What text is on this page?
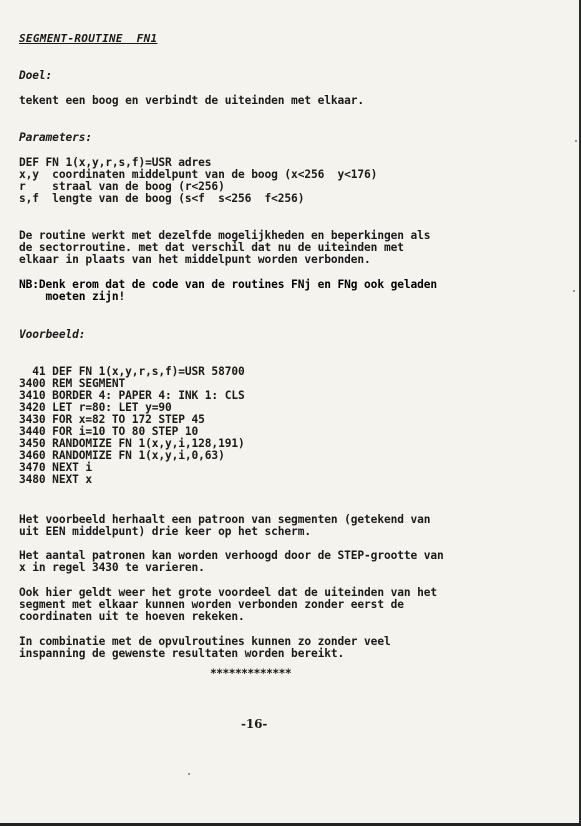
SEGMENT-ROUTINE  FN1
Doel:
tekent een boog en verbindt de uiteinden met elkaar.
Parameters:
DEF FN 1(x,y,r,s,f)=USR adres
x,y  coordinaten middelpunt van de boog (x<256  y<176)
r    straal van de boog (r<256)
s,f  lengte van de boog (s<f  s<256  f<256)
De routine werkt met dezelfde mogelijkheden en beperkingen als
de sectorroutine. met dat verschil dat nu de uiteinden met
elkaar in plaats van het middelpunt worden verbonden.
NB:Denk erom dat de code van de routines FNj en FNg ook geladen
moeten zijn!
Voorbeeld:
41 DEF FN 1(x,y,r,s,f)=USR 58700
3400 REM SEGMENT
3410 BORDER 4: PAPER 4: INK 1: CLS
3420 LET r=80: LET y=90
3430 FOR x=82 TO 172 STEP 45
3440 FOR i=10 TO 80 STEP 10
3450 RANDOMIZE FN 1(x,y,i,128,191)
3460 RANDOMIZE FN 1(x,y,i,0,63)
3470 NEXT i
3480 NEXT x
Het voorbeeld herhaalt een patroon van segmenten (getekend van
uit EEN middelpunt) drie keer op het scherm.
Het aantal patronen kan worden verhoogd door de STEP-grootte van
x in regel 3430 te varieren.
Ook hier geldt weer het grote voordeel dat de uiteinden van het
segment met elkaar kunnen worden verbonden zonder eerst de
coordinaten uit te hoeven rekeken.
In combinatie met de opvulroutines kunnen zo zonder veel
inspanning de gewenste resultaten worden bereikt.
*************
-16-
